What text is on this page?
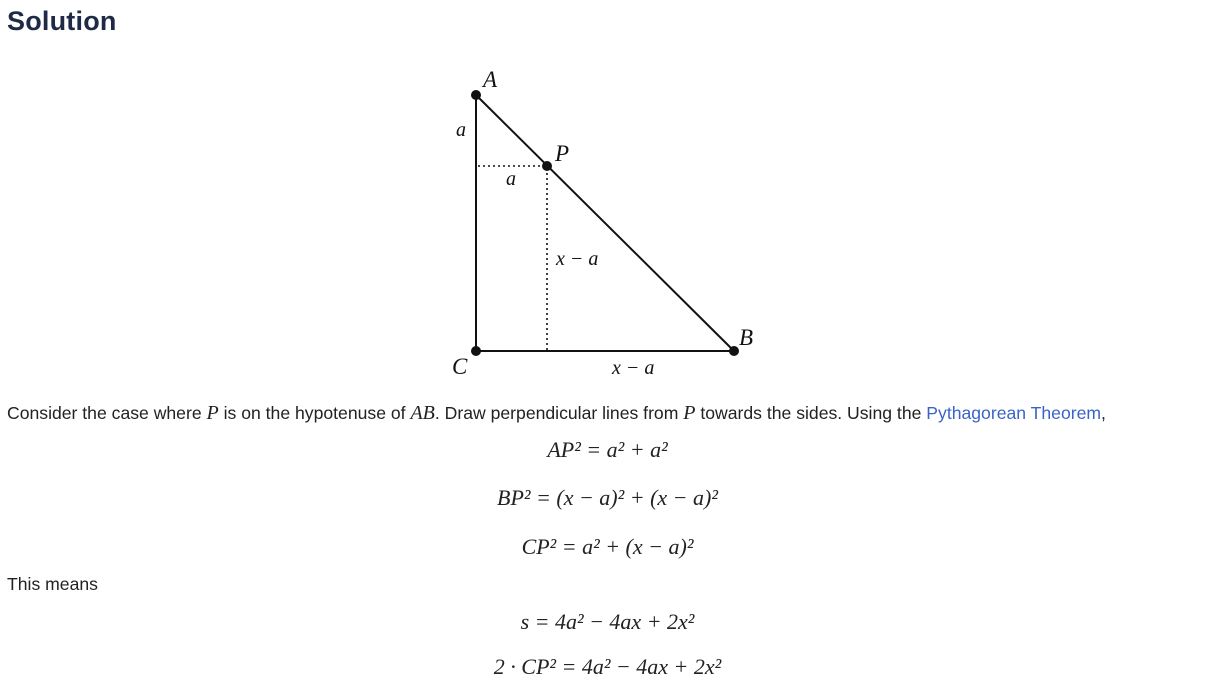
Solution
A
P
B
C
a
a
x − a
x − a
Consider the case where P is on the hypotenuse of AB. Draw perpendicular lines from P towards the sides. Using the Pythagorean Theorem,
AP² = a² + a²
BP² = (x − a)² + (x − a)²
CP² = a² + (x − a)²
This means
s = 4a² − 4ax + 2x²
2 · CP² = 4a² − 4ax + 2x²
